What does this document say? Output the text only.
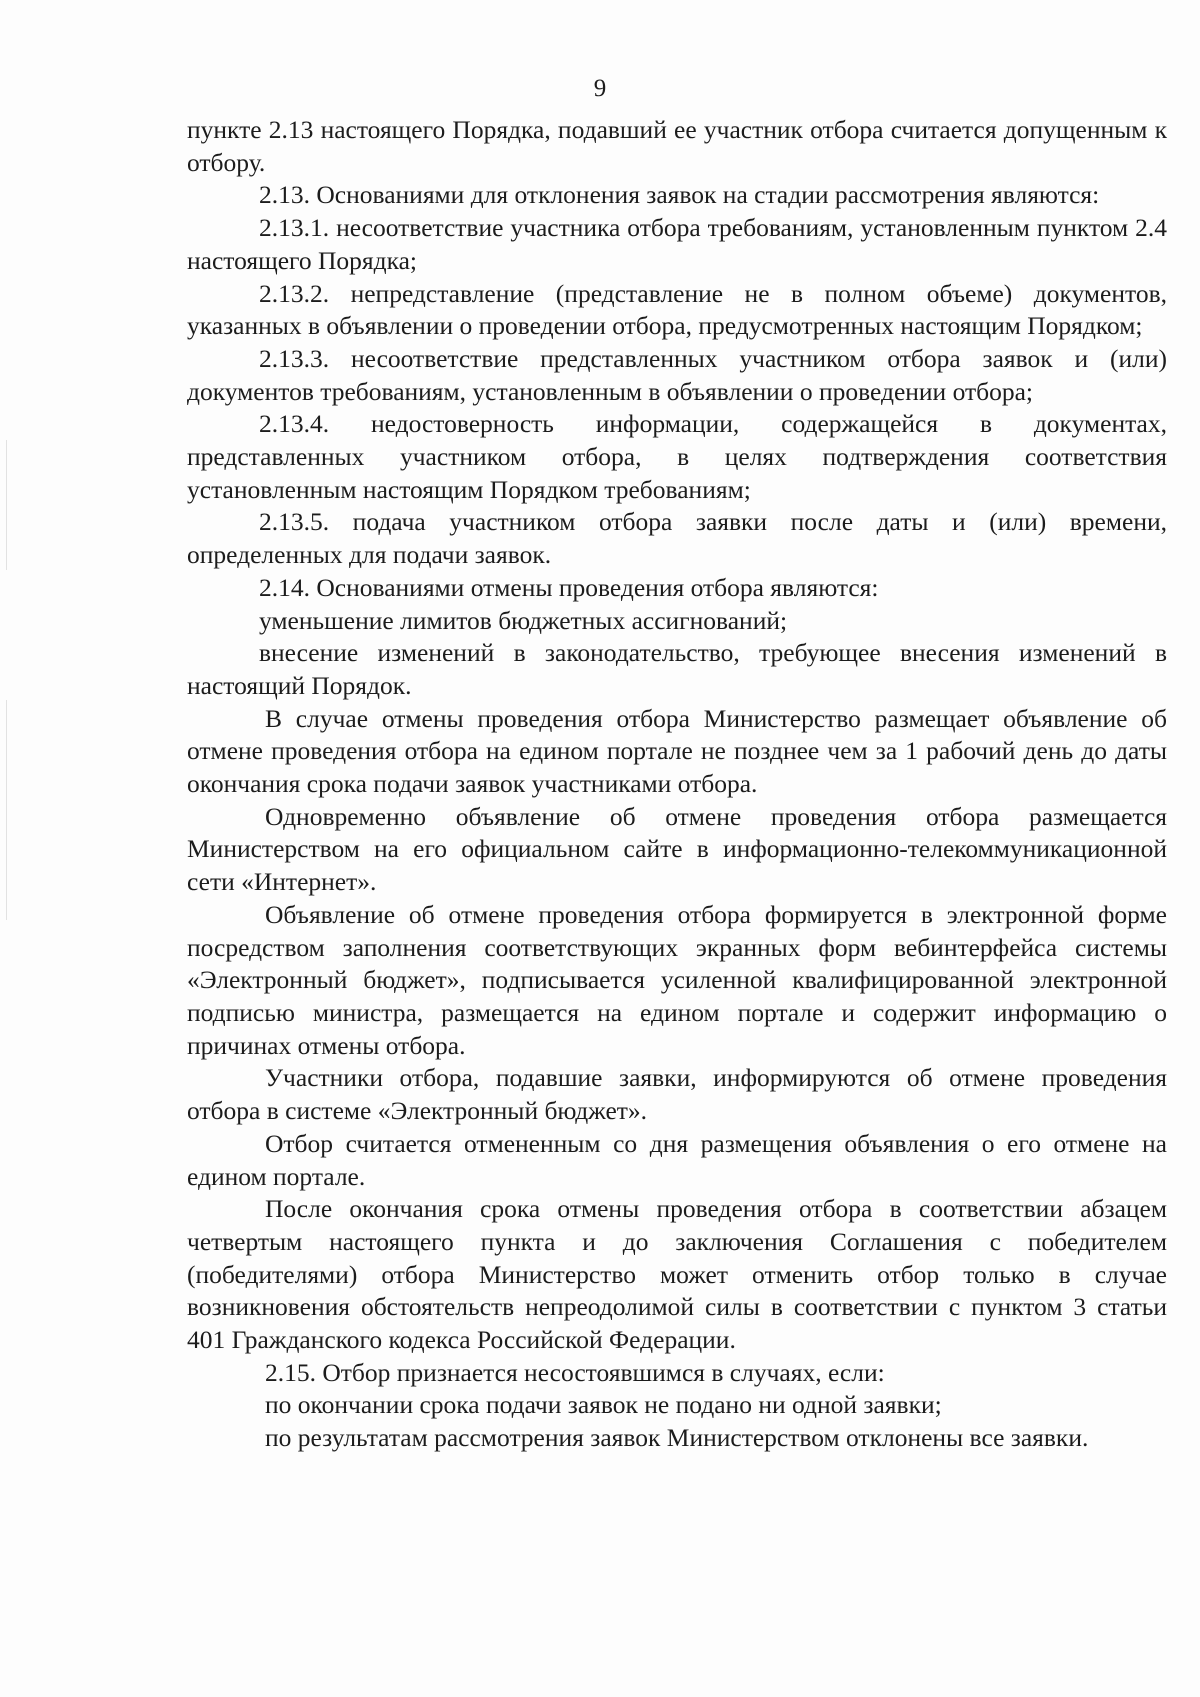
9

пункте 2.13 настоящего Порядка, подавший ее участник отбора считается допущенным к отбору.

2.13. Основаниями для отклонения заявок на стадии рассмотрения являются:

2.13.1. несоответствие участника отбора требованиям, установленным пунктом 2.4 настоящего Порядка;

2.13.2. непредставление (представление не в полном объеме) документов, указанных в объявлении о проведении отбора, предусмотренных настоящим Порядком;

2.13.3. несоответствие представленных участником отбора заявок и (или) документов требованиям, установленным в объявлении о проведении отбора;

2.13.4. недостоверность информации, содержащейся в документах, представленных участником отбора, в целях подтверждения соответствия установленным настоящим Порядком требованиям;

2.13.5. подача участником отбора заявки после даты и (или) времени, определенных для подачи заявок.

2.14. Основаниями отмены проведения отбора являются:

уменьшение лимитов бюджетных ассигнований;

внесение изменений в законодательство, требующее внесения изменений в настоящий Порядок.

В случае отмены проведения отбора Министерство размещает объявление об отмене проведения отбора на едином портале не позднее чем за 1 рабочий день до даты окончания срока подачи заявок участниками отбора.

Одновременно объявление об отмене проведения отбора размещается Министерством на его официальном сайте в информационно-телекоммуникационной сети «Интернет».

Объявление об отмене проведения отбора формируется в электронной форме посредством заполнения соответствующих экранных форм вебинтерфейса системы «Электронный бюджет», подписывается усиленной квалифицированной электронной подписью министра, размещается на едином портале и содержит информацию о причинах отмены отбора.

Участники отбора, подавшие заявки, информируются об отмене проведения отбора в системе «Электронный бюджет».

Отбор считается отмененным со дня размещения объявления о его отмене на едином портале.

После окончания срока отмены проведения отбора в соответствии абзацем четвертым настоящего пункта и до заключения Соглашения с победителем (победителями) отбора Министерство может отменить отбор только в случае возникновения обстоятельств непреодолимой силы в соответствии с пунктом 3 статьи 401 Гражданского кодекса Российской Федерации.

2.15. Отбор признается несостоявшимся в случаях, если:

по окончании срока подачи заявок не подано ни одной заявки;

по результатам рассмотрения заявок Министерством отклонены все заявки.
